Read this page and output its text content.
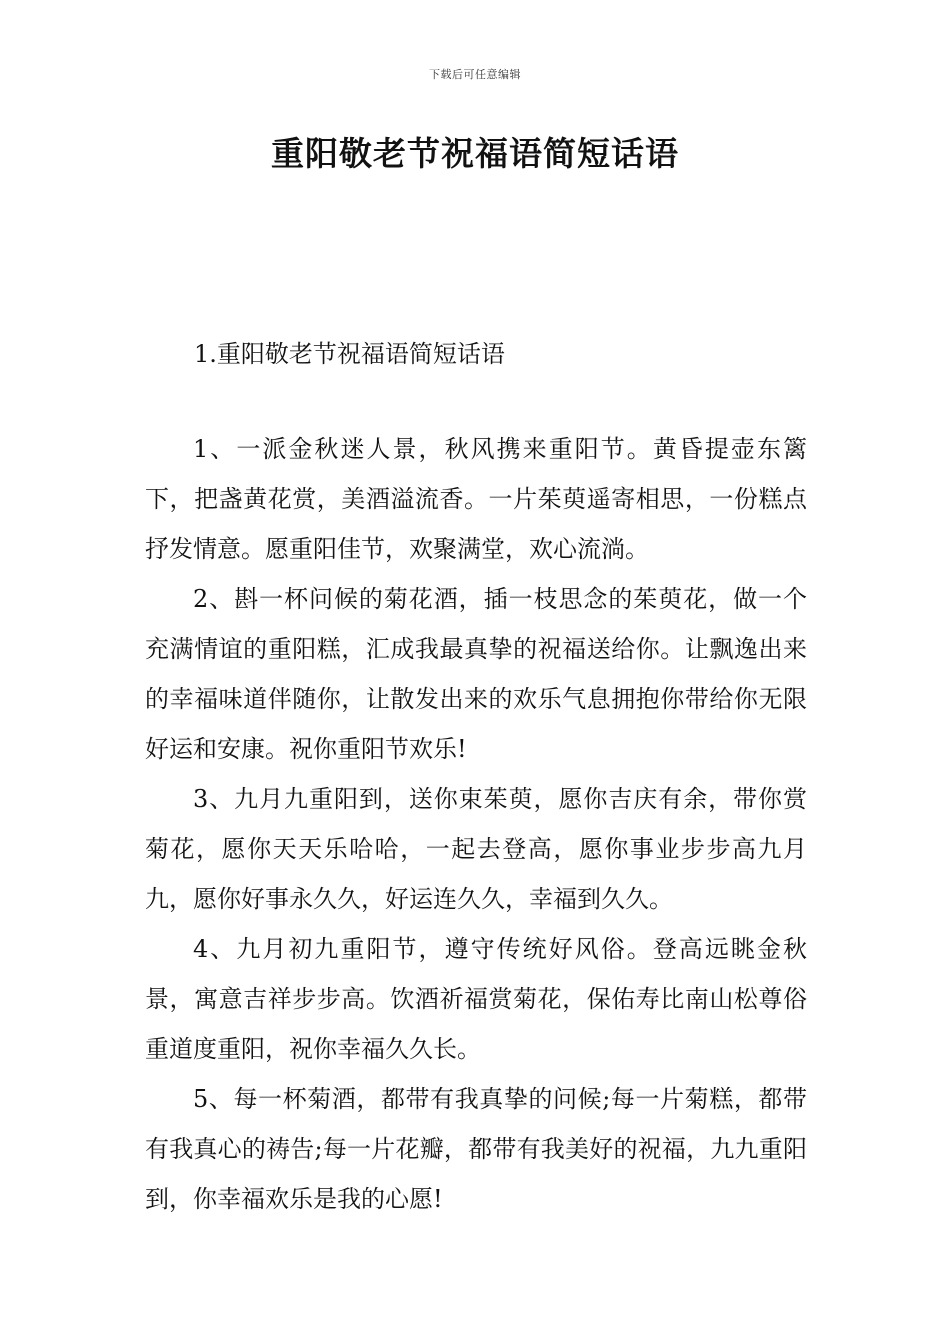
下载后可任意编辑
重阳敬老节祝福语简短话语
1.重阳敬老节祝福语简短话语

1、一派金秋迷人景，秋风携来重阳节。黄昏提壶东篱下，把盏黄花赏，美酒溢流香。一片茱萸遥寄相思，一份糕点抒发情意。愿重阳佳节，欢聚满堂，欢心流淌。

2、斟一杯问候的菊花酒，插一枝思念的茱萸花，做一个充满情谊的重阳糕，汇成我最真挚的祝福送给你。让飘逸出来的幸福味道伴随你，让散发出来的欢乐气息拥抱你带给你无限好运和安康。祝你重阳节欢乐!

3、九月九重阳到，送你束茱萸，愿你吉庆有余，带你赏菊花，愿你天天乐哈哈，一起去登高，愿你事业步步高九月九，愿你好事永久久，好运连久久，幸福到久久。

4、九月初九重阳节，遵守传统好风俗。登高远眺金秋景，寓意吉祥步步高。饮酒祈福赏菊花，保佑寿比南山松尊俗重道度重阳，祝你幸福久久长。

5、每一杯菊酒，都带有我真挚的问候;每一片菊糕，都带有我真心的祷告;每一片花瓣，都带有我美好的祝福，九九重阳到，你幸福欢乐是我的心愿!
